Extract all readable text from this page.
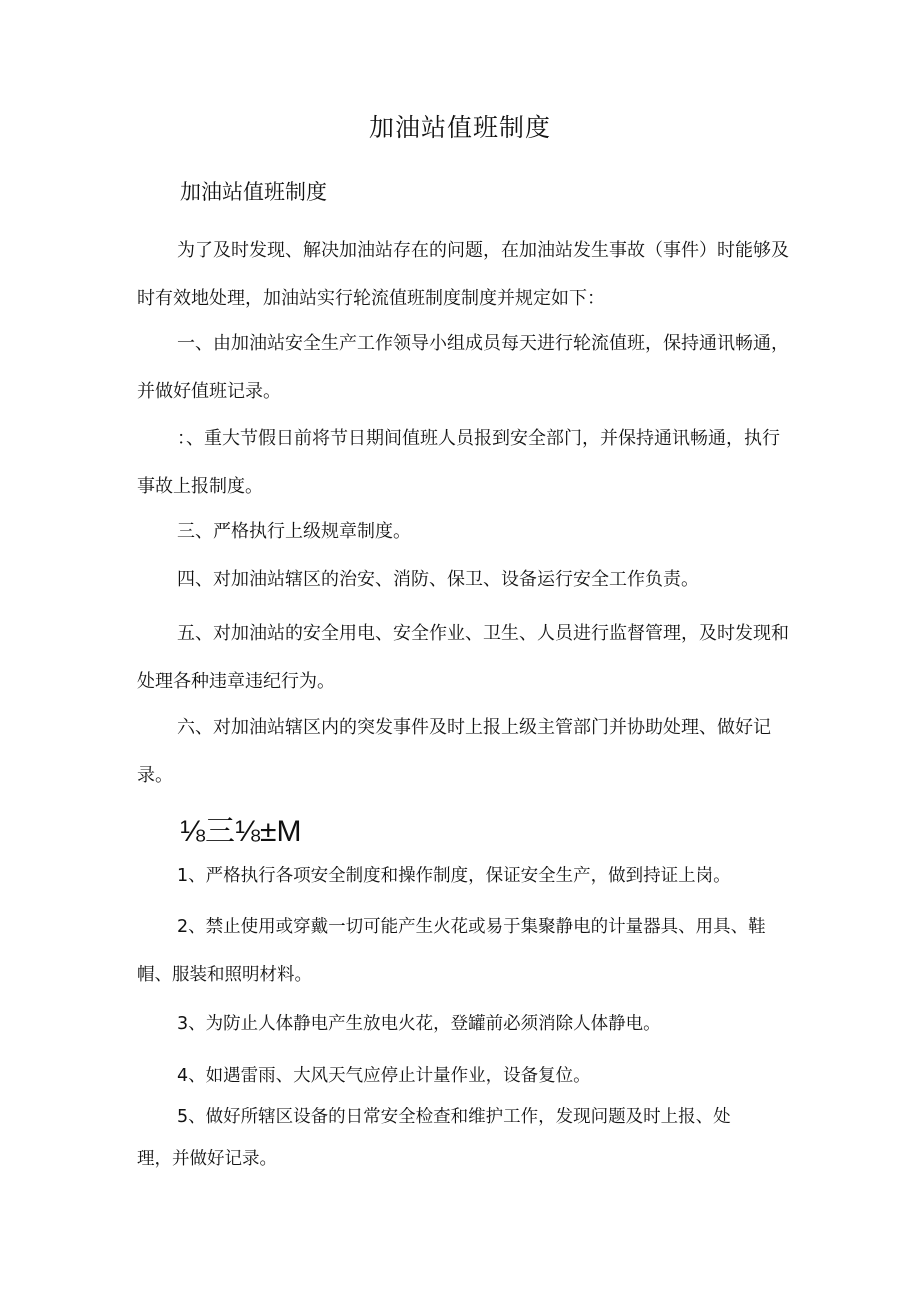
加油站值班制度
加油站值班制度

为了及时发现、解决加油站存在的问题，在加油站发生事故（事件）时能够及时有效地处理，加油站实行轮流值班制度制度并规定如下：

一、由加油站安全生产工作领导小组成员每天进行轮流值班，保持通讯畅通，并做好值班记录。

：、重大节假日前将节日期间值班人员报到安全部门，并保持通讯畅通，执行事故上报制度。

三、严格执行上级规章制度。

四、对加油站辖区的治安、消防、保卫、设备运行安全工作负责。

五、对加油站的安全用电、安全作业、卫生、人员进行监督管理，及时发现和处理各种违章违纪行为。

六、对加油站辖区内的突发事件及时上报上级主管部门并协助处理、做好记录。

⅛三⅛±M

1、严格执行各项安全制度和操作制度，保证安全生产，做到持证上岗。

2、禁止使用或穿戴一切可能产生火花或易于集聚静电的计量器具、用具、鞋帽、服装和照明材料。

3、为防止人体静电产生放电火花，登罐前必须消除人体静电。

4、如遇雷雨、大风天气应停止计量作业，设备复位。

5、做好所辖区设备的日常安全检查和维护工作，发现问题及时上报、处理，并做好记录。
